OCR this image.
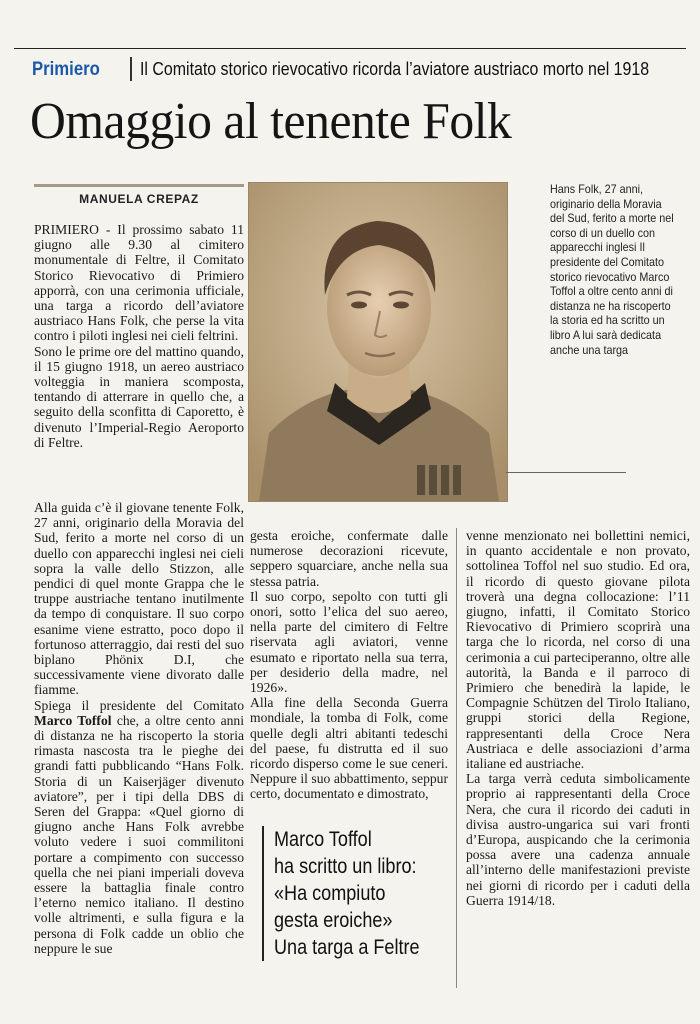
Primiero Il Comitato storico rievocativo ricorda l’aviatore austriaco morto nel 1918
Omaggio al tenente Folk
MANUELA CREPAZ

PRIMIERO - Il prossimo sabato 11 giugno alle 9.30 al cimitero monumentale di Feltre, il Comitato Storico Rievocativo di Primiero apporrà, con una cerimonia ufficiale, una targa a ricordo dell’aviatore austriaco Hans Folk, che perse la vita contro i piloti inglesi nei cieli feltrini.

Sono le prime ore del mattino quando, il 15 giugno 1918, un aereo austriaco volteggia in maniera scomposta, tentando di atterrare in quello che, a seguito della sconfitta di Caporetto, è divenuto l’Imperial-Regio Aeroporto di Feltre.

Alla guida c’è il giovane tenente Folk, 27 anni, originario della Moravia del Sud, ferito a morte nel corso di un duello con apparecchi inglesi nei cieli sopra la valle dello Stizzon, alle pendici di quel monte Grappa che le truppe austriache tentano inutilmente da tempo di conquistare. Il suo corpo esanime viene estratto, poco dopo il fortunoso atterraggio, dai resti del suo biplano Phönix D.I, che successivamente viene divorato dalle fiamme.

Spiega il presidente del Comitato Marco Toffol che, a oltre cento anni di distanza ne ha riscoperto la storia rimasta nascosta tra le pieghe dei grandi fatti pubblicando “Hans Folk. Storia di un Kaiserjäger divenuto aviatore”, per i tipi della DBS di Seren del Grappa: «Quel giorno di giugno anche Hans Folk avrebbe voluto vedere i suoi commilitoni portare a compimento con successo quella che nei piani imperiali doveva essere la battaglia finale contro l’eterno nemico italiano. Il destino volle altrimenti, e sulla figura e la persona di Folk cadde un oblio che neppure le sue

Hans Folk, 27 anni, originario della Moravia del Sud, ferito a morte nel corso di un duello con apparecchi inglesi Il presidente del Comitato storico rievocativo Marco Toffol a oltre cento anni di distanza ne ha riscoperto la storia ed ha scritto un libro A lui sarà dedicata anche una targa

gesta eroiche, confermate dalle numerose decorazioni ricevute, seppero squarciare, anche nella sua stessa patria.

Il suo corpo, sepolto con tutti gli onori, sotto l’elica del suo aereo, nella parte del cimitero di Feltre riservata agli aviatori, venne esumato e riportato nella sua terra, per desiderio della madre, nel 1926».

Alla fine della Seconda Guerra mondiale, la tomba di Folk, come quelle degli altri abitanti tedeschi del paese, fu distrutta ed il suo ricordo disperso come le sue ceneri. Neppure il suo abbattimento, seppur certo, documentato e dimostrato,

Marco Toffol
ha scritto un libro:
«Ha compiuto
gesta eroiche»
Una targa a Feltre

venne menzionato nei bollettini nemici, in quanto accidentale e non provato, sottolinea Toffol nel suo studio. Ed ora, il ricordo di questo giovane pilota troverà una degna collocazione: l’11 giugno, infatti, il Comitato Storico Rievocativo di Primiero scoprirà una targa che lo ricorda, nel corso di una cerimonia a cui parteciperanno, oltre alle autorità, la Banda e il parroco di Primiero che benedirà la lapide, le Compagnie Schützen del Tirolo Italiano, gruppi storici della Regione, rappresentanti della Croce Nera Austriaca e delle associazioni d’arma italiane ed austriache.

La targa verrà ceduta simbolicamente proprio ai rappresentanti della Croce Nera, che cura il ricordo dei caduti in divisa austro-ungarica sui vari fronti d’Europa, auspicando che la cerimonia possa avere una cadenza annuale all’interno delle manifestazioni previste nei giorni di ricordo per i caduti della Guerra 1914/18.
